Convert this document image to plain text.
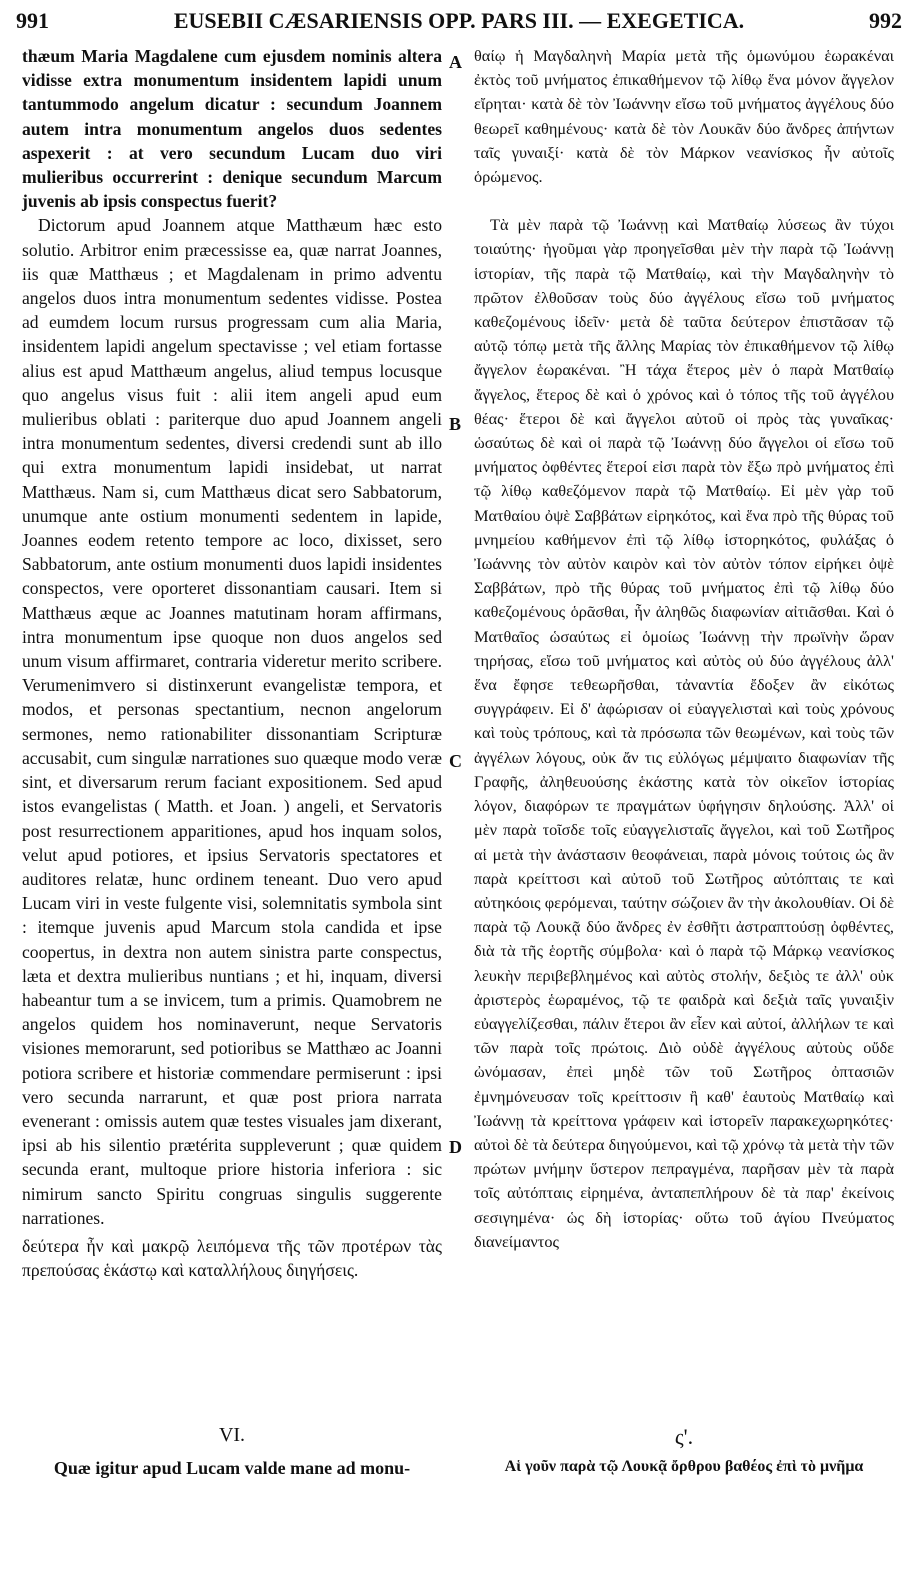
991	EUSEBII CÆSARIENSIS OPP. PARS III. — EXEGETICA.	992

thæum Maria Magdalene cum ejusdem nominis altera vidisse extra monumentum insidentem lapidi unum tantummodo angelum dicatur : secundum Joannem autem intra monumentum angelos duos sedentes aspexerit : at vero secundum Lucam duo viri mulieribus occurrerint : denique secundum Marcum juvenis ab ipsis conspectus fuerit?

Dictorum apud Joannem atque Matthæum hæc esto solutio. Arbitror enim præcessisse ea, quæ narrat Joannes, iis quæ Matthæus ; et Magdalenam in primo adventu angelos duos intra monumentum sedentes vidisse. Postea ad eumdem locum rursus progressam cum alia Maria, insidentem lapidi angelum spectavisse ; vel etiam fortasse alius est apud Matthæum angelus, aliud tempus locusque quo angelus visus fuit : alii item angeli apud eum mulieribus oblati : pariterque duo apud Joannem angeli intra monumentum sedentes, diversi credendi sunt ab illo qui extra monumentum lapidi insidebat, ut narrat Matthæus. Nam si, cum Matthæus dicat sero Sabbatorum, unumque ante ostium monumenti sedentem in lapide, Joannes eodem retento tempore ac loco, dixisset, sero Sabbatorum, ante ostium monumenti duos lapidi insidentes conspectos, vere oporteret dissonantiam causari. Item si Matthæus æque ac Joannes matutinam horam affirmans, intra monumentum ipse quoque non duos angelos sed unum visum affirmaret, contraria videretur merito scribere. Verumenimvero si distinxerunt evangelistæ tempora, et modos, et personas spectantium, necnon angelorum sermones, nemo rationabiliter dissonantiam Scripturæ accusabit, cum singulæ narrationes suo quæque modo veræ sint, et diversarum rerum faciant expositionem. Sed apud istos evangelistas ( Matth. et Joan. ) angeli, et Servatoris post resurrectionem apparitiones, apud hos inquam solos, velut apud potiores, et ipsius Servatoris spectatores et auditores relatæ, hunc ordinem teneant. Duo vero apud Lucam viri in veste fulgente visi, solemnitatis symbola sint : itemque juvenis apud Marcum stola candida et ipse coopertus, in dextra non autem sinistra parte conspectus, læta et dextra mulieribus nuntians ; et hi, inquam, diversi habeantur tum a se invicem, tum a primis. Quamobrem ne angelos quidem hos nominaverunt, neque Servatoris visiones memorarunt, sed potioribus se Matthæo ac Joanni potiora scribere et historiæ commendare permiserunt : ipsi vero secunda narrarunt, et quæ post priora narrata evenerant : omissis autem quæ testes visuales jam dixerant, ipsi ab his silentio prætérita suppleverunt ; quæ quidem secunda erant, multoque priore historia inferiora : sic nimirum sancto Spiritu congruas singulis suggerente narrationes.

δεύτερα ἦν καὶ μακρῷ λειπόμενα τῆς τῶν προτέρων τὰς πρεπούσας ἑκάστῳ καὶ καταλλήλους διηγήσεις.

A
B
C
D

θαίῳ ἡ Μαγδαληνὴ Μαρία μετὰ τῆς ὁμωνύμου ἑωρακέναι ἐκτὸς τοῦ μνήματος ἐπικαθήμενον τῷ λίθῳ ἕνα μόνον ἄγγελον εἴρηται· κατὰ δὲ τὸν Ἰωάννην εἴσω τοῦ μνήματος ἀγγέλους δύο θεωρεῖ καθημένους· κατὰ δὲ τὸν Λουκᾶν δύο ἄνδρες ἀπήντων ταῖς γυναιξί· κατὰ δὲ τὸν Μάρκον νεανίσκος ἦν αὐτοῖς ὁρώμενος.

Τὰ μὲν παρὰ τῷ Ἰωάννῃ καὶ Ματθαίῳ λύσεως ἂν τύχοι τοιαύτης· ἡγοῦμαι γὰρ προηγεῖσθαι μὲν τὴν παρὰ τῷ Ἰωάννῃ ἱστορίαν, τῆς παρὰ τῷ Ματθαίῳ, καὶ τὴν Μαγδαληνὴν τὸ πρῶτον ἐλθοῦσαν τοὺς δύο ἀγγέλους εἴσω τοῦ μνήματος καθεζομένους ἰδεῖν· μετὰ δὲ ταῦτα δεύτερον ἐπιστᾶσαν τῷ αὐτῷ τόπῳ μετὰ τῆς ἄλλης Μαρίας τὸν ἐπικαθήμενον τῷ λίθῳ ἄγγελον ἑωρακέναι. Ἢ τάχα ἕτερος μὲν ὁ παρὰ Ματθαίῳ ἄγγελος, ἕτερος δὲ καὶ ὁ χρόνος καὶ ὁ τόπος τῆς τοῦ ἀγγέλου θέας· ἕτεροι δὲ καὶ ἄγγελοι αὐτοῦ οἱ πρὸς τὰς γυναῖκας· ὡσαύτως δὲ καὶ οἱ παρὰ τῷ Ἰωάννῃ δύο ἄγγελοι οἱ εἴσω τοῦ μνήματος ὀφθέντες ἕτεροί εἰσι παρὰ τὸν ἔξω πρὸ μνήματος ἐπὶ τῷ λίθῳ καθεζόμενον παρὰ τῷ Ματθαίῳ. Εἰ μὲν γὰρ τοῦ Ματθαίου ὀψὲ Σαββάτων εἰρηκότος, καὶ ἕνα πρὸ τῆς θύρας τοῦ μνημείου καθήμενον ἐπὶ τῷ λίθῳ ἱστορηκότος, φυλάξας ὁ Ἰωάννης τὸν αὐτὸν καιρὸν καὶ τὸν αὐτὸν τόπον εἰρήκει ὀψὲ Σαββάτων, πρὸ τῆς θύρας τοῦ μνήματος ἐπὶ τῷ λίθῳ δύο καθεζομένους ὁρᾶσθαι, ἦν ἀληθῶς διαφωνίαν αἰτιᾶσθαι. Καὶ ὁ Ματθαῖος ὡσαύτως εἰ ὁμοίως Ἰωάννῃ τὴν πρωϊνὴν ὥραν τηρήσας, εἴσω τοῦ μνήματος καὶ αὐτὸς οὐ δύο ἀγγέλους ἀλλ' ἕνα ἔφησε τεθεωρῆσθαι, τἀναντία ἔδοξεν ἂν εἰκότως συγγράφειν. Εἰ δ' ἀφώρισαν οἱ εὐαγγελισταὶ καὶ τοὺς χρόνους καὶ τοὺς τρόπους, καὶ τὰ πρόσωπα τῶν θεωμένων, καὶ τοὺς τῶν ἀγγέλων λόγους, οὐκ ἄν τις εὐλόγως μέμψαιτο διαφωνίαν τῆς Γραφῆς, ἀληθευούσης ἑκάστης κατὰ τὸν οἰκεῖον ἱστορίας λόγον, διαφόρων τε πραγμάτων ὑφήγησιν δηλούσης. Ἀλλ' οἱ μὲν παρὰ τοῖσδε τοῖς εὐαγγελισταῖς ἄγγελοι, καὶ τοῦ Σωτῆρος αἱ μετὰ τὴν ἀνάστασιν θεοφάνειαι, παρὰ μόνοις τούτοις ὡς ἂν παρὰ κρείττοσι καὶ αὐτοῦ τοῦ Σωτῆρος αὐτόπταις τε καὶ αὐτηκόοις φερόμεναι, ταύτην σώζοιεν ἂν τὴν ἀκολουθίαν. Οἱ δὲ παρὰ τῷ Λουκᾷ δύο ἄνδρες ἐν ἐσθῆτι ἀστραπτούσῃ ὀφθέντες, διὰ τὰ τῆς ἑορτῆς σύμβολα· καὶ ὁ παρὰ τῷ Μάρκῳ νεανίσκος λευκὴν περιβεβλημένος καὶ αὐτὸς στολήν, δεξιὸς τε ἀλλ' οὐκ ἀριστερὸς ἑωραμένος, τῷ τε φαιδρὰ καὶ δεξιὰ ταῖς γυναιξὶν εὐαγγελίζεσθαι, πάλιν ἕτεροι ἂν εἶεν καὶ αὐτοί, ἀλλήλων τε καὶ τῶν παρὰ τοῖς πρώτοις. Διὸ οὐδὲ ἀγγέλους αὐτοὺς οὔδε ὠνόμασαν, ἐπεὶ μηδὲ τῶν τοῦ Σωτῆρος ὀπτασιῶν ἐμνημόνευσαν τοῖς κρείττοσιν ἢ καθ' ἑαυτοὺς Ματθαίῳ καὶ Ἰωάννῃ τὰ κρείττονα γράφειν καὶ ἱστορεῖν παρακεχωρηκότες· αὐτοὶ δὲ τὰ δεύτερα διηγούμενοι, καὶ τῷ χρόνῳ τὰ μετὰ τὴν τῶν πρώτων μνήμην ὕστερον πεπραγμένα, παρῆσαν μὲν τὰ παρὰ τοῖς αὐτόπταις εἰρημένα, ἀνταπεπλήρουν δὲ τὰ παρ' ἐκείνοις σεσιγημένα· ὡς δὴ ἱστορίας· οὕτω τοῦ ἁγίου Πνεύματος διανείμαντος

VI.	ς'.
Quæ igitur apud Lucam valde mane ad monu-	Αἱ γοῦν παρὰ τῷ Λουκᾷ ὄρθρου βαθέος ἐπὶ τὸ μνῆμα
